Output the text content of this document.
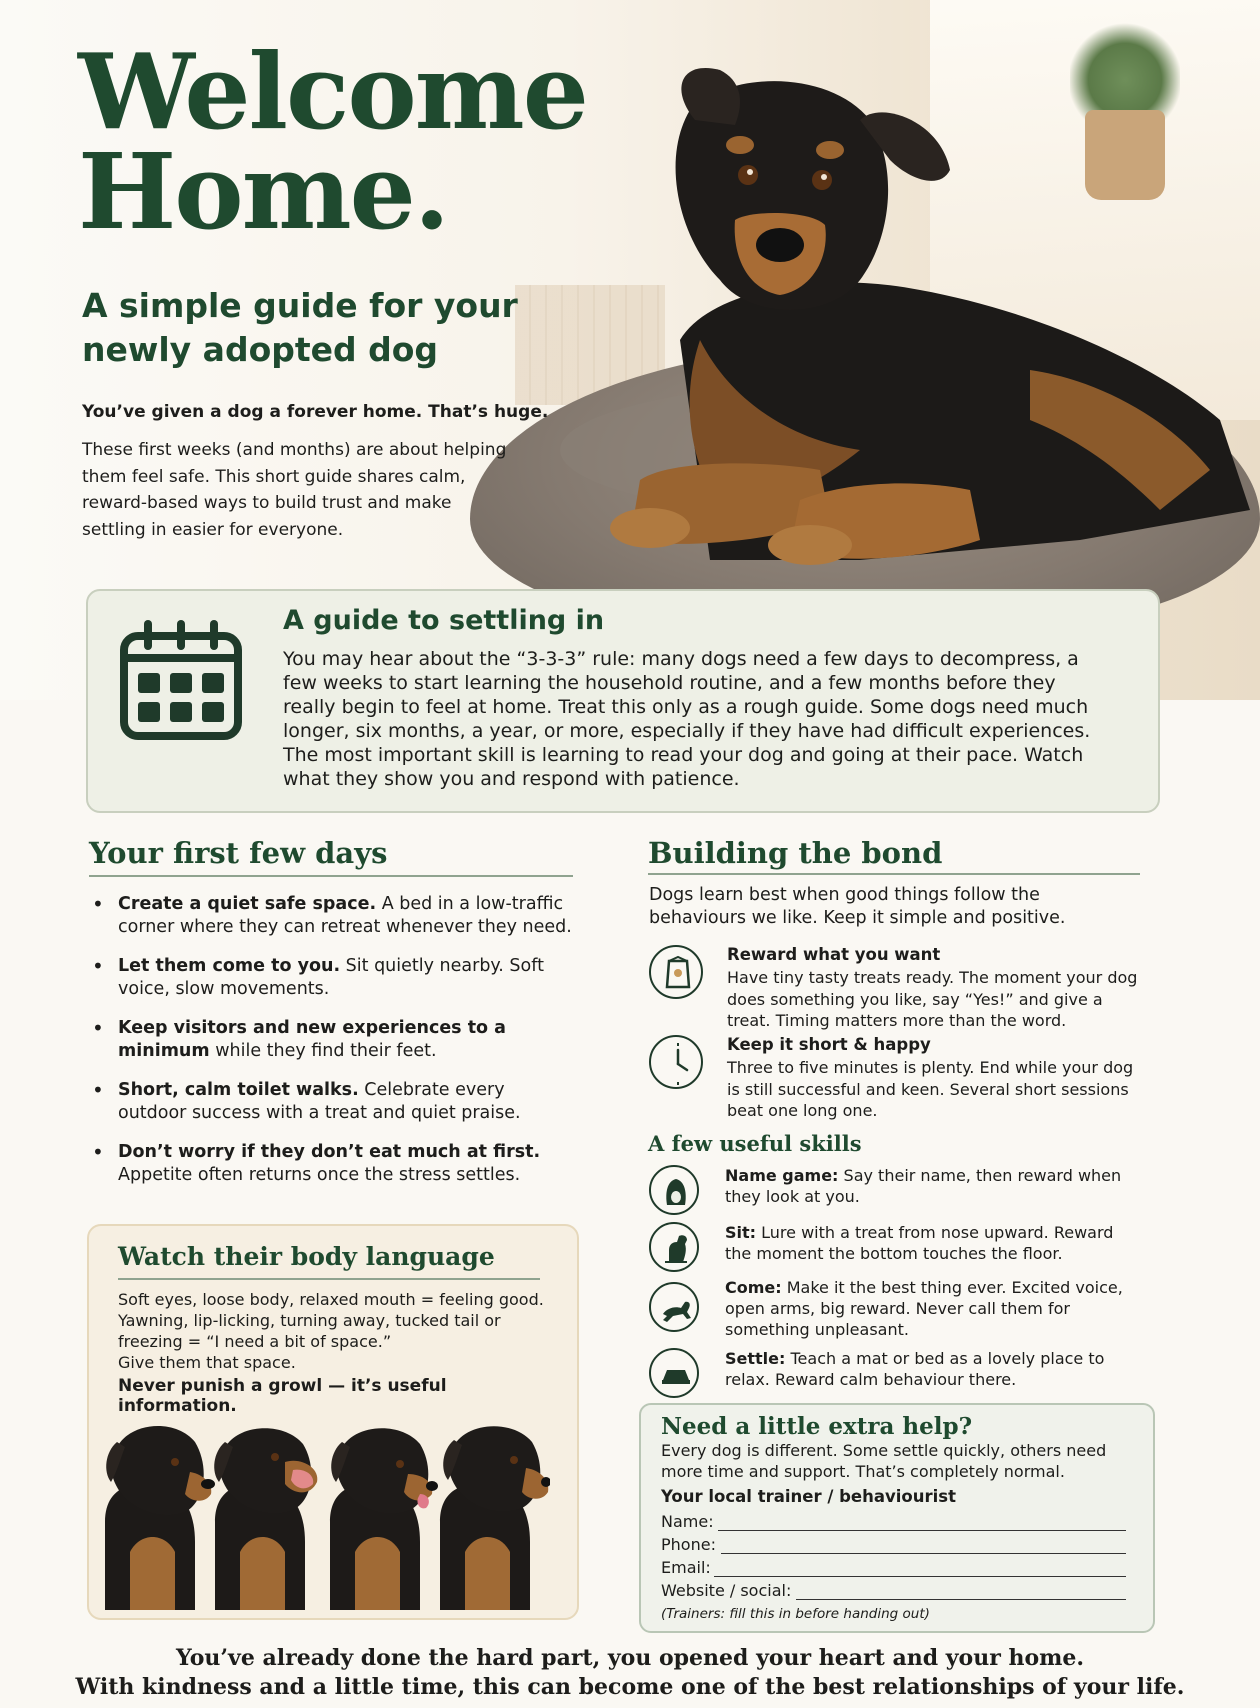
Welcome
Home.
A simple guide for your
newly adopted dog
You’ve given a dog a forever home. That’s huge.
These first weeks (and months) are about helping them feel safe. This short guide shares calm, reward-based ways to build trust and make settling in easier for everyone.
A guide to settling in
You may hear about the “3-3-3” rule: many dogs need a few days to decompress, a few weeks to start learning the household routine, and a few months before they really begin to feel at home. Treat this only as a rough guide. Some dogs need much longer, six months, a year, or more, especially if they have had difficult experiences. The most important skill is learning to read your dog and going at their pace. Watch what they show you and respond with patience.
Your first few days
• Create a quiet safe space. A bed in a low-traffic corner where they can retreat whenever they need.
• Let them come to you. Sit quietly nearby. Soft voice, slow movements.
• Keep visitors and new experiences to a minimum while they find their feet.
• Short, calm toilet walks. Celebrate every outdoor success with a treat and quiet praise.
• Don’t worry if they don’t eat much at first. Appetite often returns once the stress settles.
Watch their body language
Soft eyes, loose body, relaxed mouth = feeling good.
Yawning, lip-licking, turning away, tucked tail or freezing = “I need a bit of space.”
Give them that space.
Never punish a growl — it’s useful information.
Building the bond
Dogs learn best when good things follow the behaviours we like. Keep it simple and positive.
Reward what you want
Have tiny tasty treats ready. The moment your dog does something you like, say “Yes!” and give a treat. Timing matters more than the word.
Keep it short & happy
Three to five minutes is plenty. End while your dog is still successful and keen. Several short sessions beat one long one.
A few useful skills
Name game: Say their name, then reward when they look at you.
Sit: Lure with a treat from nose upward. Reward the moment the bottom touches the floor.
Come: Make it the best thing ever. Excited voice, open arms, big reward. Never call them for something unpleasant.
Settle: Teach a mat or bed as a lovely place to relax. Reward calm behaviour there.
Need a little extra help?
Every dog is different. Some settle quickly, others need more time and support. That’s completely normal.
Your local trainer / behaviourist
Name:
Phone:
Email:
Website / social:
(Trainers: fill this in before handing out)
You’ve already done the hard part, you opened your heart and your home.
With kindness and a little time, this can become one of the best relationships of your life.
